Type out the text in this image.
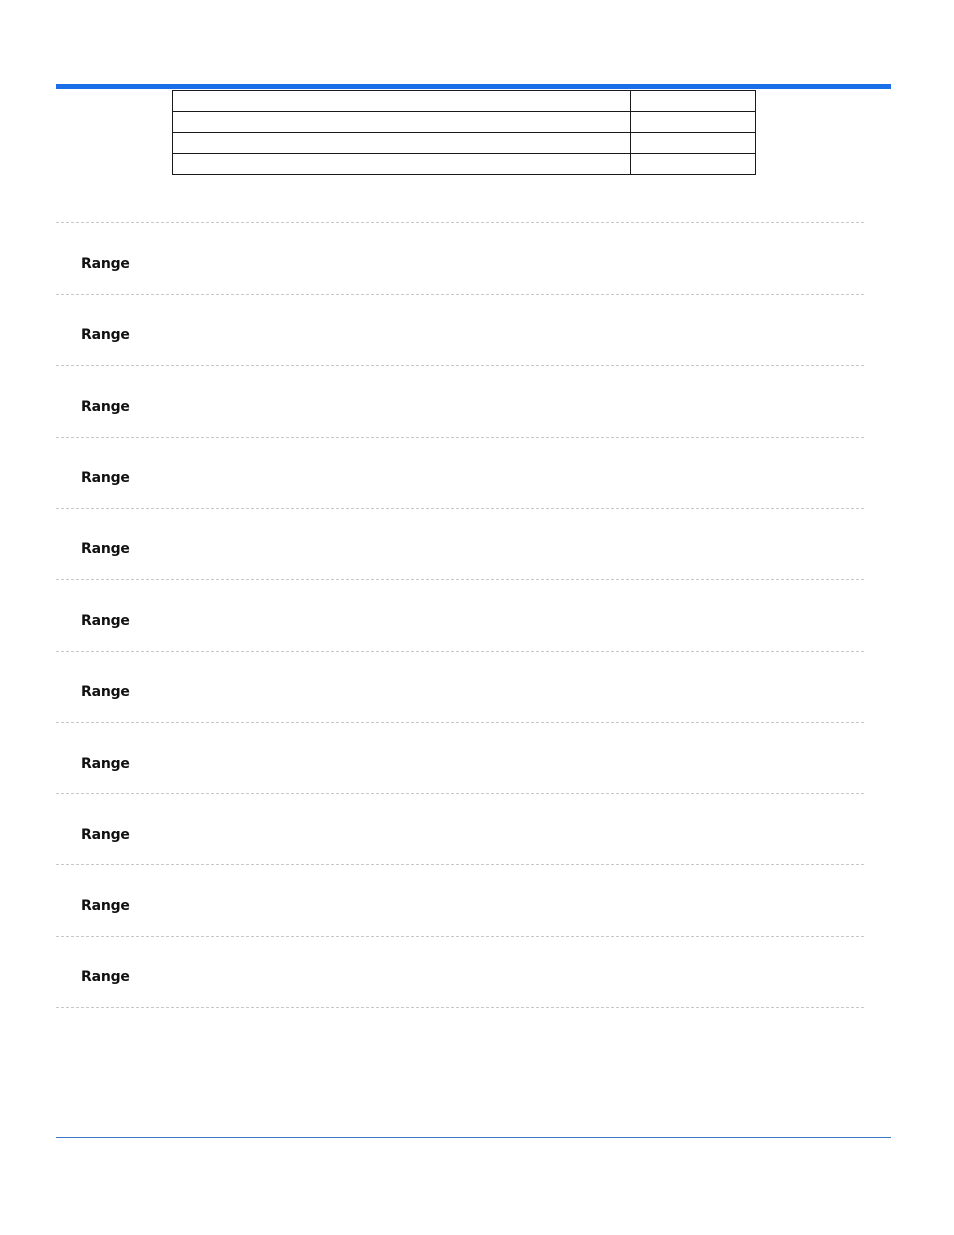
Range
Range
Range
Range
Range
Range
Range
Range
Range
Range
Range
